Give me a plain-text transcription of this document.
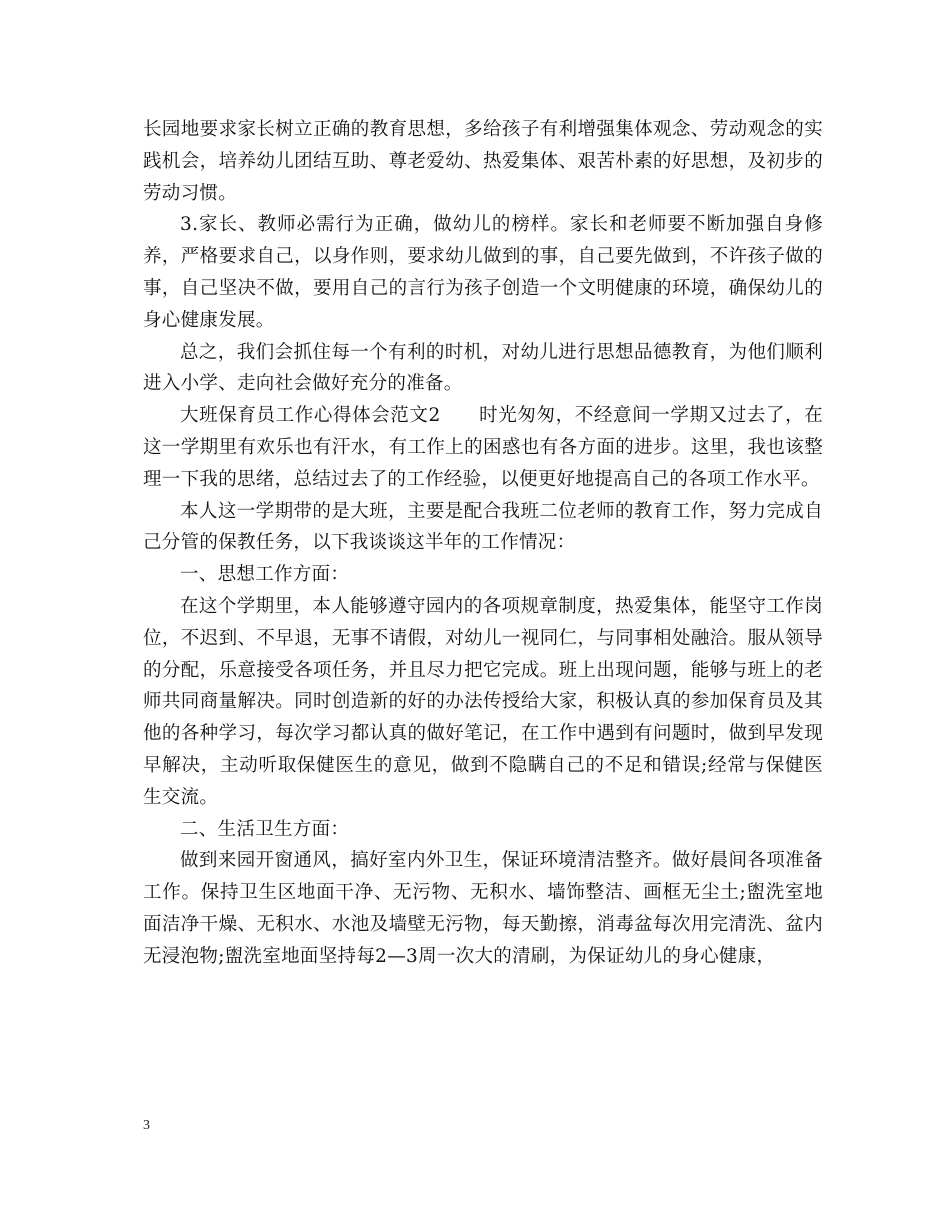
长园地要求家长树立正确的教育思想，多给孩子有利增强集体观念、劳动观念的实践机会，培养幼儿团结互助、尊老爱幼、热爱集体、艰苦朴素的好思想，及初步的劳动习惯。

3.家长、教师必需行为正确，做幼儿的榜样。家长和老师要不断加强自身修养，严格要求自己，以身作则，要求幼儿做到的事，自己要先做到，不许孩子做的事，自己坚决不做，要用自己的言行为孩子创造一个文明健康的环境，确保幼儿的身心健康发展。

总之，我们会抓住每一个有利的时机，对幼儿进行思想品德教育，为他们顺利进入小学、走向社会做好充分的准备。

大班保育员工作心得体会范文2　　时光匆匆，不经意间一学期又过去了，在这一学期里有欢乐也有汗水，有工作上的困惑也有各方面的进步。这里，我也该整理一下我的思绪，总结过去了的工作经验，以便更好地提高自己的各项工作水平。

本人这一学期带的是大班，主要是配合我班二位老师的教育工作，努力完成自己分管的保教任务，以下我谈谈这半年的工作情况：

一、思想工作方面：

在这个学期里，本人能够遵守园内的各项规章制度，热爱集体，能坚守工作岗位，不迟到、不早退，无事不请假，对幼儿一视同仁，与同事相处融洽。服从领导的分配，乐意接受各项任务，并且尽力把它完成。班上出现问题，能够与班上的老师共同商量解决。同时创造新的好的办法传授给大家，积极认真的参加保育员及其他的各种学习，每次学习都认真的做好笔记，在工作中遇到有问题时，做到早发现早解决，主动听取保健医生的意见，做到不隐瞒自己的不足和错误;经常与保健医生交流。

二、生活卫生方面：

做到来园开窗通风，搞好室内外卫生，保证环境清洁整齐。做好晨间各项准备工作。保持卫生区地面干净、无污物、无积水、墙饰整洁、画框无尘土;盥洗室地面洁净干燥、无积水、水池及墙壁无污物，每天勤擦，消毒盆每次用完清洗、盆内无浸泡物;盥洗室地面坚持每2—3周一次大的清刷，为保证幼儿的身心健康，

3
